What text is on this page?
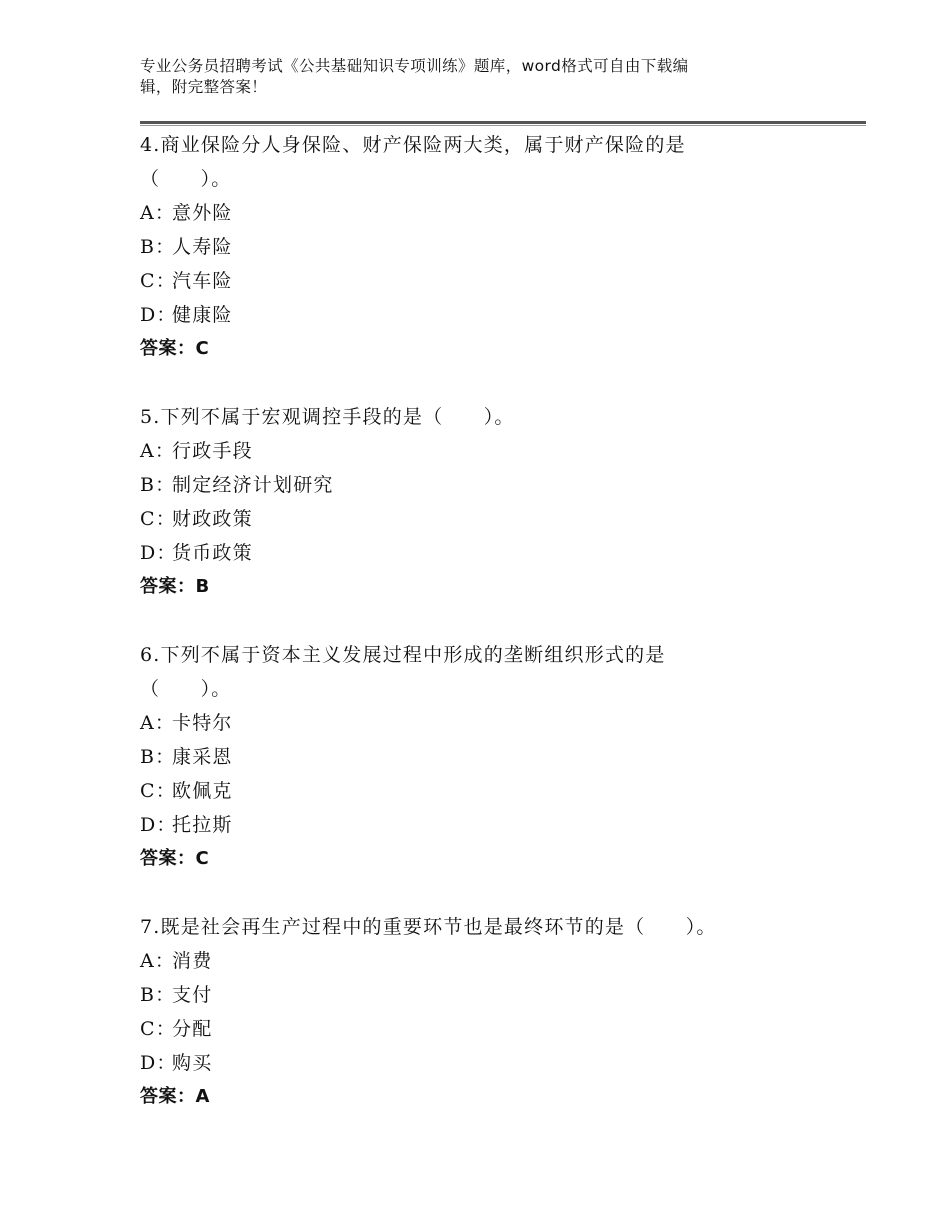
专业公务员招聘考试《公共基础知识专项训练》题库，word格式可自由下载编
辑，附完整答案！
4.商业保险分人身保险、财产保险两大类，属于财产保险的是
（　　）。
A：
意外险
B：
人寿险
C：
汽车险
D：
健康险
答案：C
5.下列不属于宏观调控手段的是（　　）。
A：
行政手段
B：
制定经济计划研究
C：
财政政策
D：
货币政策
答案：B
6.下列不属于资本主义发展过程中形成的垄断组织形式的是
（　　）。
A：
卡特尔
B：
康采恩
C：
欧佩克
D：
托拉斯
答案：C
7.既是社会再生产过程中的重要环节也是最终环节的是（　　）。
A：
消费
B：
支付
C：
分配
D：
购买
答案：A
